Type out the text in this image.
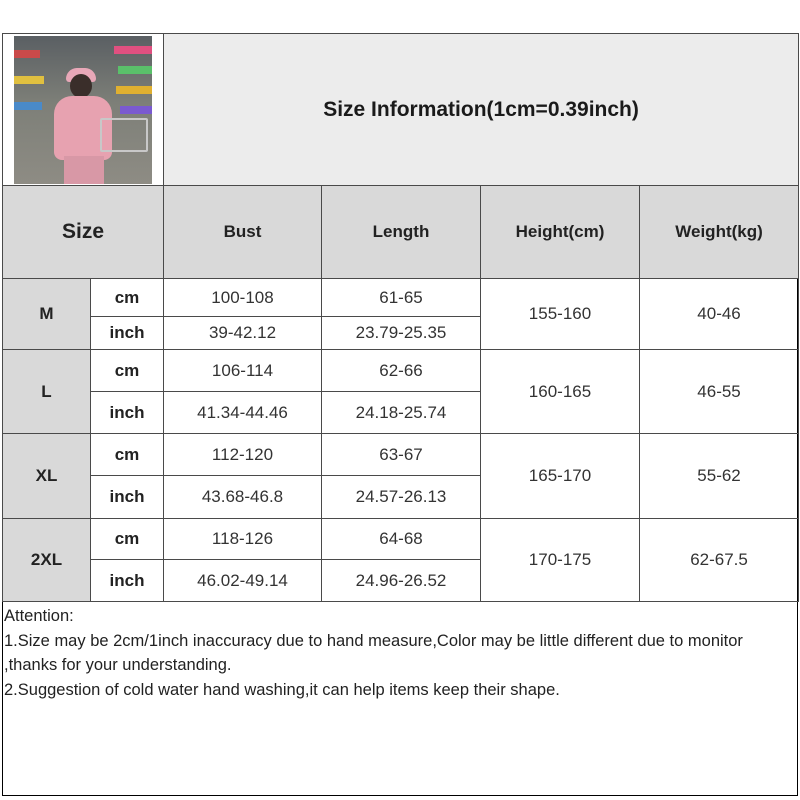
		Size Information(1cm=0.39inch)			
Size		Bust	Length	Height(cm)	Weight(kg)
M	cm	100-108	61-65	155-160	40-46
	inch	39-42.12	23.79-25.35		
L	cm	106-114	62-66	160-165	46-55
	inch	41.34-44.46	24.18-25.74		
XL	cm	112-120	63-67	165-170	55-62
	inch	43.68-46.8	24.57-26.13		
2XL	cm	118-126	64-68	170-175	62-67.5
	inch	46.02-49.14	24.96-26.52		
Attention:
1.Size may be 2cm/1inch inaccuracy due to hand measure,Color may be little different due to monitor ,thanks for your understanding.
2.Suggestion of cold water hand washing,it can help items keep their shape.
